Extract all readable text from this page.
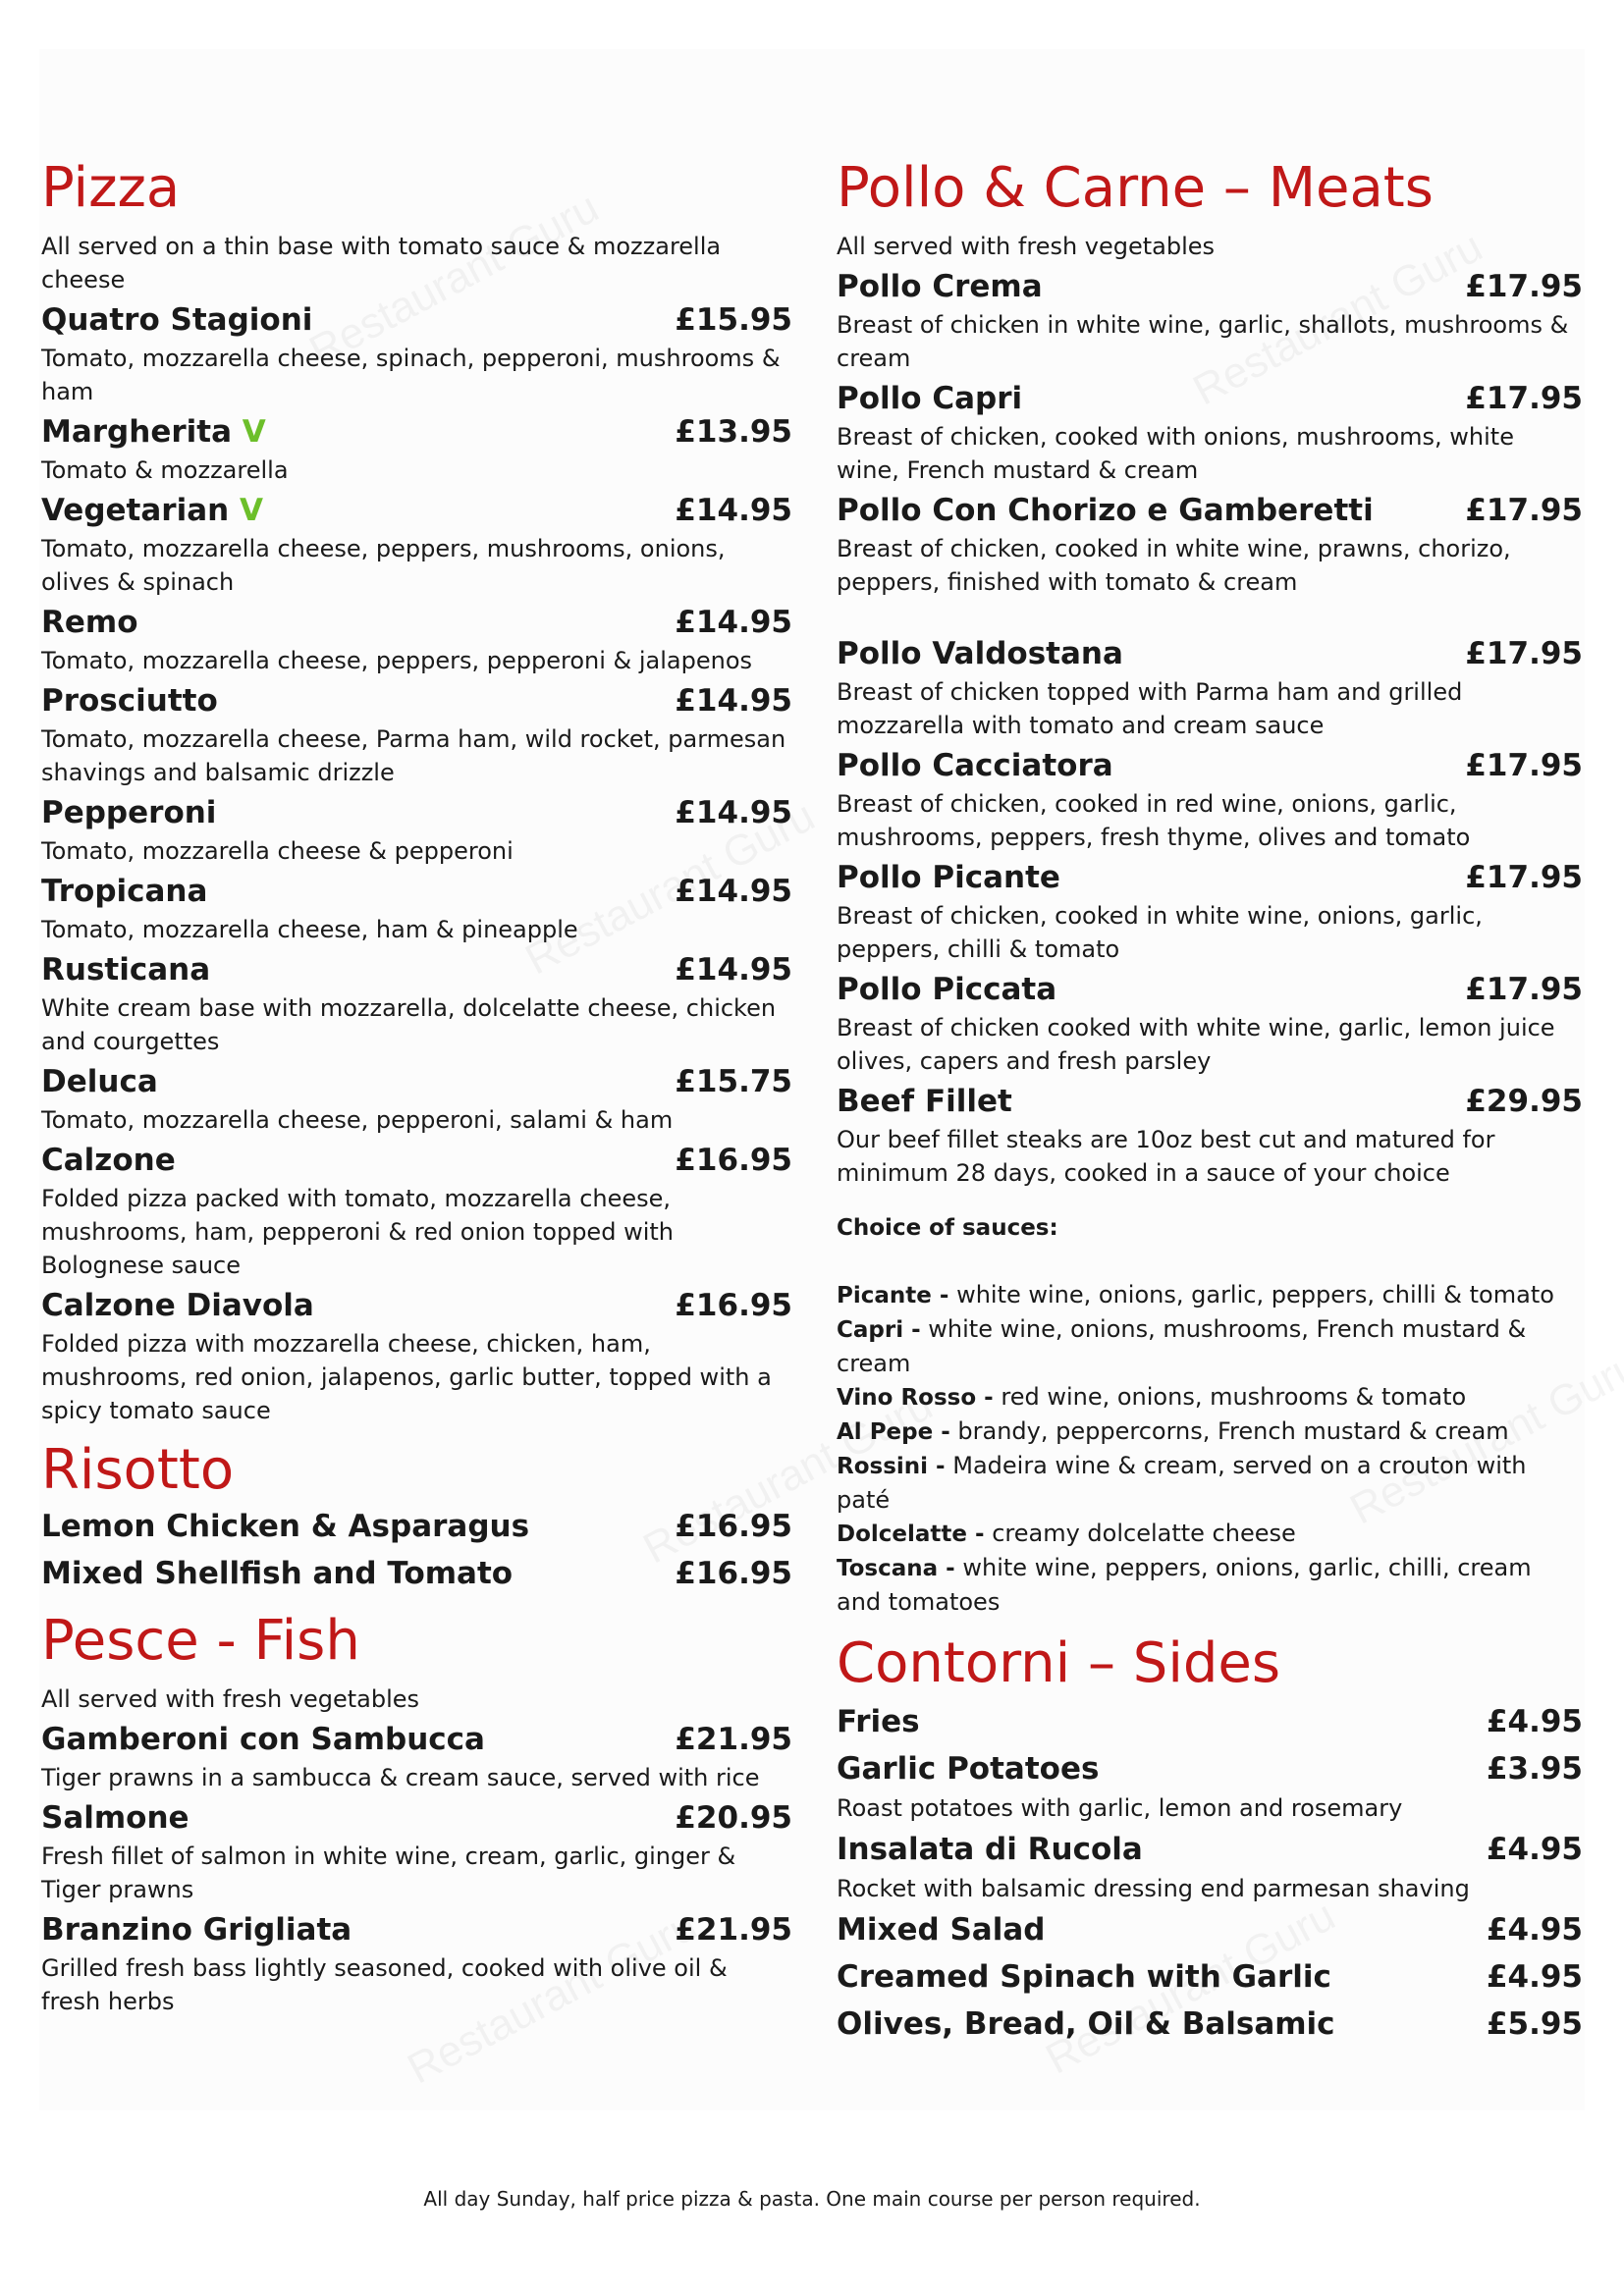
Pizza
All served on a thin base with tomato sauce & mozzarella cheese
Quatro Stagioni	£15.95
Tomato, mozzarella cheese, spinach, pepperoni, mushrooms & ham
Margherita V	£13.95
Tomato & mozzarella
Vegetarian V	£14.95
Tomato, mozzarella cheese, peppers, mushrooms, onions, olives & spinach
Remo	£14.95
Tomato, mozzarella cheese, peppers, pepperoni & jalapenos
Prosciutto	£14.95
Tomato, mozzarella cheese, Parma ham, wild rocket, parmesan shavings and balsamic drizzle
Pepperoni	£14.95
Tomato, mozzarella cheese & pepperoni
Tropicana	£14.95
Tomato, mozzarella cheese, ham & pineapple
Rusticana	£14.95
White cream base with mozzarella, dolcelatte cheese, chicken and courgettes
Deluca	£15.75
Tomato, mozzarella cheese, pepperoni, salami & ham
Calzone	£16.95
Folded pizza packed with tomato, mozzarella cheese, mushrooms, ham, pepperoni & red onion topped with Bolognese sauce
Calzone Diavola	£16.95
Folded pizza with mozzarella cheese, chicken, ham, mushrooms, red onion, jalapenos, garlic butter, topped with a spicy tomato sauce
Risotto
Lemon Chicken & Asparagus	£16.95
Mixed Shellfish and Tomato	£16.95
Pesce - Fish
All served with fresh vegetables
Gamberoni con Sambucca	£21.95
Tiger prawns in a sambucca & cream sauce, served with rice
Salmone	£20.95
Fresh fillet of salmon in white wine, cream, garlic, ginger & Tiger prawns
Branzino Grigliata	£21.95
Grilled fresh bass lightly seasoned, cooked with olive oil & fresh herbs
Pollo & Carne – Meats
All served with fresh vegetables
Pollo Crema	£17.95
Breast of chicken in white wine, garlic, shallots, mushrooms & cream
Pollo Capri	£17.95
Breast of chicken, cooked with onions, mushrooms, white wine, French mustard & cream
Pollo Con Chorizo e Gamberetti	£17.95
Breast of chicken, cooked in white wine, prawns, chorizo, peppers, finished with tomato & cream
Pollo Valdostana	£17.95
Breast of chicken topped with Parma ham and grilled mozzarella with tomato and cream sauce
Pollo Cacciatora	£17.95
Breast of chicken, cooked in red wine, onions, garlic, mushrooms, peppers, fresh thyme, olives and tomato
Pollo Picante	£17.95
Breast of chicken, cooked in white wine, onions, garlic, peppers, chilli & tomato
Pollo Piccata	£17.95
Breast of chicken cooked with white wine, garlic, lemon juice olives, capers and fresh parsley
Beef Fillet	£29.95
Our beef fillet steaks are 10oz best cut and matured for minimum 28 days, cooked in a sauce of your choice
Choice of sauces:
Picante - white wine, onions, garlic, peppers, chilli & tomato
Capri - white wine, onions, mushrooms, French mustard & cream
Vino Rosso - red wine, onions, mushrooms & tomato
Al Pepe - brandy, peppercorns, French mustard & cream
Rossini - Madeira wine & cream, served on a crouton with paté
Dolcelatte - creamy dolcelatte cheese
Toscana - white wine, peppers, onions, garlic, chilli, cream and tomatoes
Contorni – Sides
Fries	£4.95
Garlic Potatoes	£3.95
Roast potatoes with garlic, lemon and rosemary
Insalata di Rucola	£4.95
Rocket with balsamic dressing end parmesan shaving
Mixed Salad	£4.95
Creamed Spinach with Garlic	£4.95
Olives, Bread, Oil & Balsamic	£5.95
All day Sunday, half price pizza & pasta. One main course per person required.
